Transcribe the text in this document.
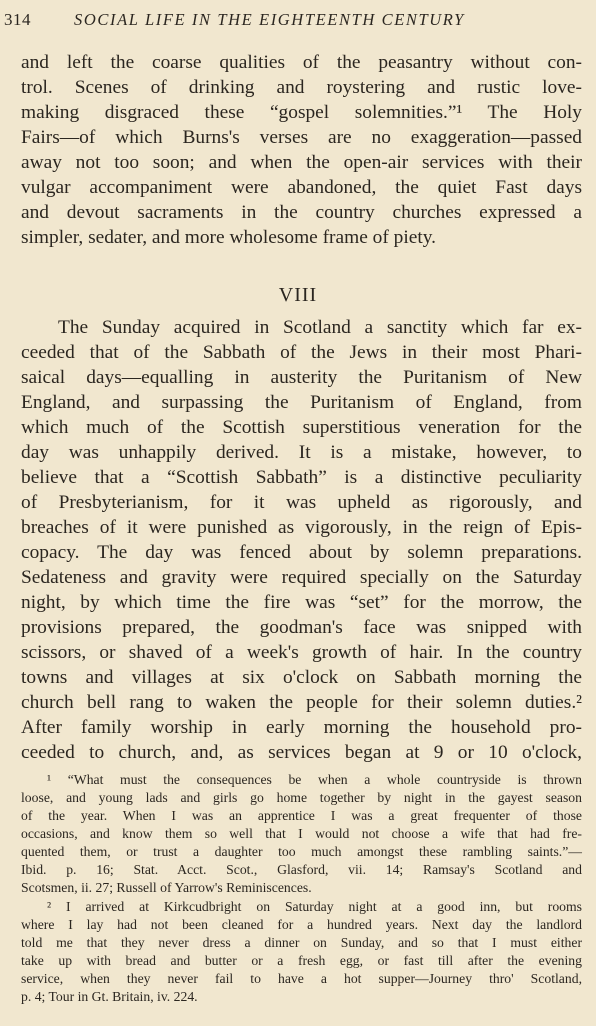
314	SOCIAL LIFE IN THE EIGHTEENTH CENTURY
and left the coarse qualities of the peasantry without con-
trol. Scenes of drinking and roystering and rustic love-
making disgraced these “gospel solemnities.”¹ The Holy
Fairs—of which Burns's verses are no exaggeration—passed
away not too soon; and when the open-air services with their
vulgar accompaniment were abandoned, the quiet Fast days
and devout sacraments in the country churches expressed a
simpler, sedater, and more wholesome frame of piety.
VIII
The Sunday acquired in Scotland a sanctity which far ex-
ceeded that of the Sabbath of the Jews in their most Phari-
saical days—equalling in austerity the Puritanism of New
England, and surpassing the Puritanism of England, from
which much of the Scottish superstitious veneration for the
day was unhappily derived. It is a mistake, however, to
believe that a “Scottish Sabbath” is a distinctive peculiarity
of Presbyterianism, for it was upheld as rigorously, and
breaches of it were punished as vigorously, in the reign of Epis-
copacy. The day was fenced about by solemn preparations.
Sedateness and gravity were required specially on the Saturday
night, by which time the fire was “set” for the morrow, the
provisions prepared, the goodman's face was snipped with
scissors, or shaved of a week's growth of hair. In the country
towns and villages at six o'clock on Sabbath morning the
church bell rang to waken the people for their solemn duties.²
After family worship in early morning the household pro-
ceeded to church, and, as services began at 9 or 10 o'clock,
¹ “What must the consequences be when a whole countryside is thrown
loose, and young lads and girls go home together by night in the gayest season
of the year. When I was an apprentice I was a great frequenter of those
occasions, and know them so well that I would not choose a wife that had fre-
quented them, or trust a daughter too much amongst these rambling saints.”—
Ibid. p. 16; Stat. Acct. Scot., Glasford, vii. 14; Ramsay's Scotland and
Scotsmen, ii. 27; Russell of Yarrow's Reminiscences.
² I arrived at Kirkcudbright on Saturday night at a good inn, but rooms
where I lay had not been cleaned for a hundred years. Next day the landlord
told me that they never dress a dinner on Sunday, and so that I must either
take up with bread and butter or a fresh egg, or fast till after the evening
service, when they never fail to have a hot supper—Journey thro' Scotland,
p. 4; Tour in Gt. Britain, iv. 224.
